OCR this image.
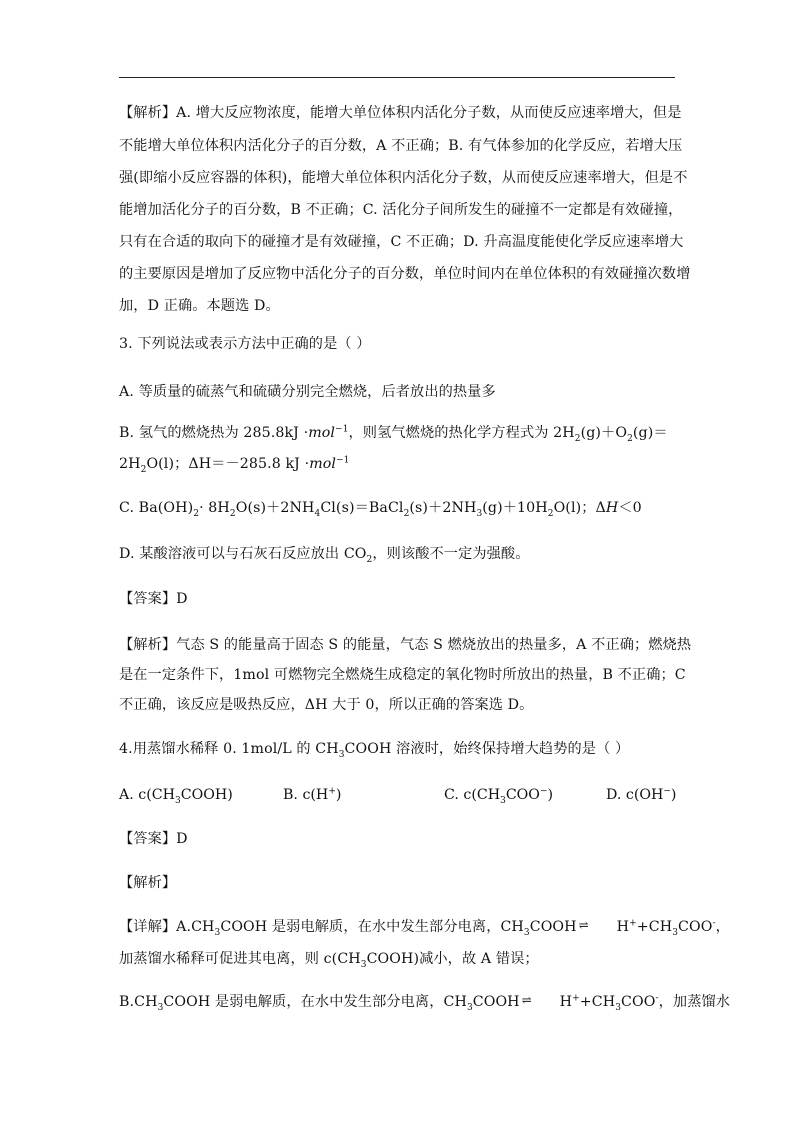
【解析】A. 增大反应物浓度，能增大单位体积内活化分子数，从而使反应速率增大，但是
不能增大单位体积内活化分子的百分数，A 不正确；B. 有气体参加的化学反应，若增大压
强(即缩小反应容器的体积)，能增大单位体积内活化分子数，从而使反应速率增大，但是不
能增加活化分子的百分数，B 不正确；C. 活化分子间所发生的碰撞不一定都是有效碰撞，
只有在合适的取向下的碰撞才是有效碰撞，C 不正确；D. 升高温度能使化学反应速率增大
的主要原因是增加了反应物中活化分子的百分数，单位时间内在单位体积的有效碰撞次数增
加，D 正确。本题选 D。
3. 下列说法或表示方法中正确的是（ ）
A. 等质量的硫蒸气和硫磺分别完全燃烧，后者放出的热量多
B. 氢气的燃烧热为 285.8kJ ·mol$^{-1}$，则氢气燃烧的热化学方程式为 $2H_2(g)+O_2(g)=$
$2H_2O(l)$；ΔH＝－285.8 kJ ·mol$^{-1}$
C. $Ba(OH)_2\cdot$ $8H_2O(s)+2NH_4Cl(s)=BaCl_2(s)+2NH_3(g)+10H_2O(l)$；ΔH＜0
D. 某酸溶液可以与石灰石反应放出 $CO_2$，则该酸不一定为强酸。
【答案】D
【解析】气态 S 的能量高于固态 S 的能量，气态 S 燃烧放出的热量多，A 不正确；燃烧热
是在一定条件下，1mol 可燃物完全燃烧生成稳定的氧化物时所放出的热量，B 不正确；C
不正确，该反应是吸热反应，ΔH 大于 0，所以正确的答案选 D。
4.用蒸馏水稀释 0. 1mol/L 的 $CH_3COOH$ 溶液时，始终保持增大趋势的是（ ）
A. $c(CH_3COOH)$	B. c(H+)	C. $c(CH_3COO^-)$	D. c(OH−)
【答案】D
【解析】
【详解】$A.CH_3COOH$ 是弱电解质，在水中发生部分电离，$CH_3COOH$ ⇌ $H^++CH_3COO^-$，
加蒸馏水稀释可促进其电离，则 $c(CH_3COOH)$减小，故 A 错误；
$B.CH_3COOH$ 是弱电解质，在水中发生部分电离，$CH_3COOH$ ⇌ $H^++CH_3COO^-$，加蒸馏水
